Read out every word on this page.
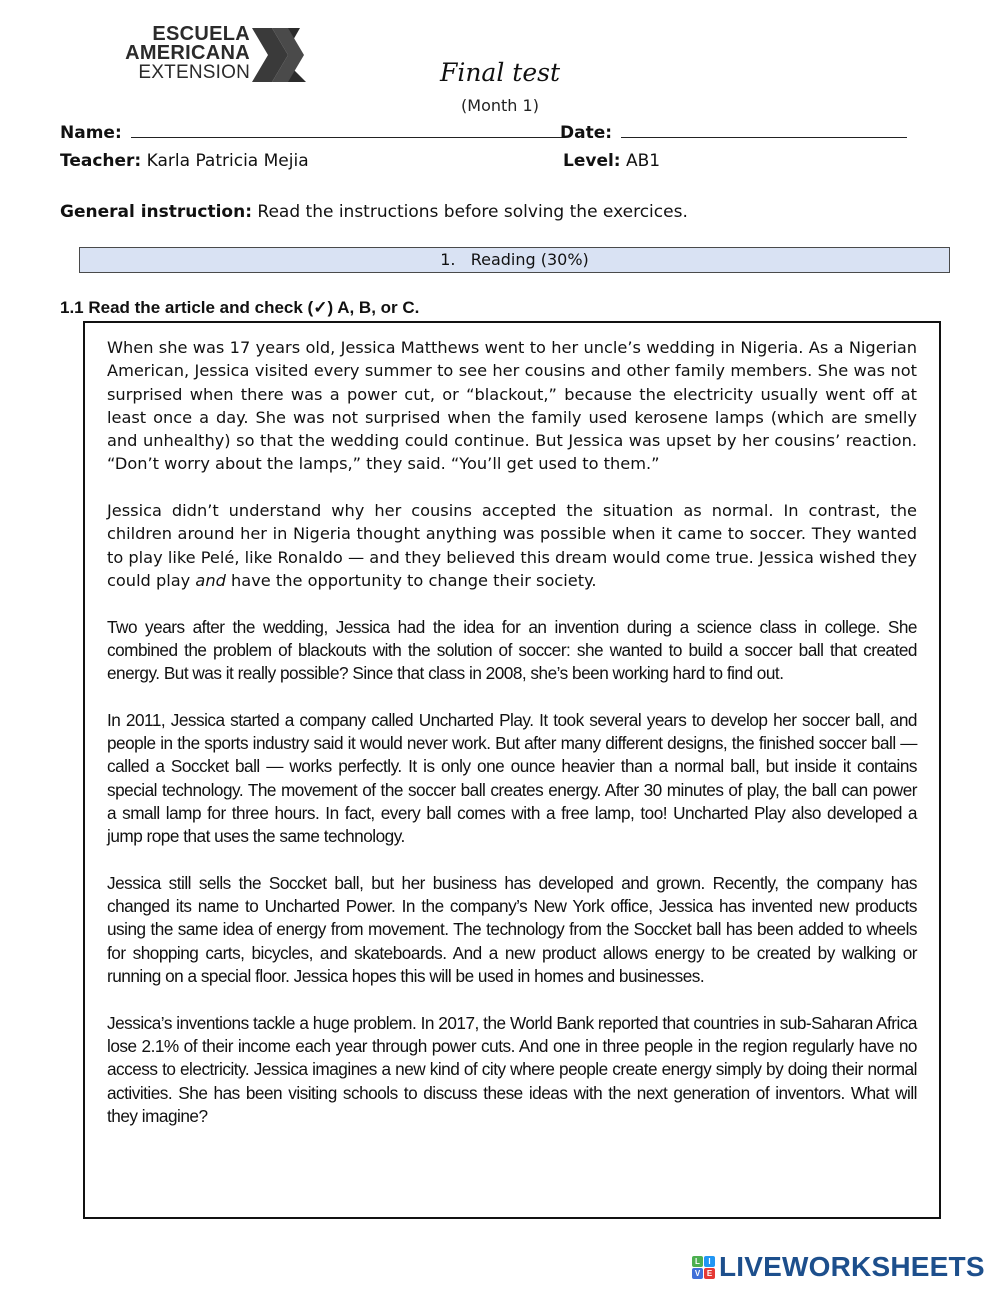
ESCUELA
AMERICANA
EXTENSION	Final test
(Month 1)
Name:	Date:
Teacher: Karla Patricia Mejia	Level: AB1
General instruction: Read the instructions before solving the exercices.
1. Reading (30%)
1.1 Read the article and check (✓) A, B, or C.

When she was 17 years old, Jessica Matthews went to her uncle’s wedding in Nigeria. As a Nigerian American, Jessica visited every summer to see her cousins and other family members. She was not surprised when there was a power cut, or “blackout,” because the electricity usually went off at least once a day. She was not surprised when the family used kerosene lamps (which are smelly and unhealthy) so that the wedding could continue. But Jessica was upset by her cousins’ reaction. “Don’t worry about the lamps,” they said. “You’ll get used to them.”

Jessica didn’t understand why her cousins accepted the situation as normal. In contrast, the children around her in Nigeria thought anything was possible when it came to soccer. They wanted to play like Pelé, like Ronaldo — and they believed this dream would come true. Jessica wished they could play and have the opportunity to change their society.

Two years after the wedding, Jessica had the idea for an invention during a science class in college. She combined the problem of blackouts with the solution of soccer: she wanted to build a soccer ball that created energy. But was it really possible? Since that class in 2008, she’s been working hard to find out.

In 2011, Jessica started a company called Uncharted Play. It took several years to develop her soccer ball, and people in the sports industry said it would never work. But after many different designs, the finished soccer ball — called a Soccket ball — works perfectly. It is only one ounce heavier than a normal ball, but inside it contains special technology. The movement of the soccer ball creates energy. After 30 minutes of play, the ball can power a small lamp for three hours. In fact, every ball comes with a free lamp, too! Uncharted Play also developed a jump rope that uses the same technology.

Jessica still sells the Soccket ball, but her business has developed and grown. Recently, the company has changed its name to Uncharted Power. In the company’s New York office, Jessica has invented new products using the same idea of energy from movement. The technology from the Soccket ball has been added to wheels for shopping carts, bicycles, and skateboards. And a new product allows energy to be created by walking or running on a special floor. Jessica hopes this will be used in homes and businesses.

Jessica’s inventions tackle a huge problem. In 2017, the World Bank reported that countries in sub-Saharan Africa lose 2.1% of their income each year through power cuts. And one in three people in the region regularly have no access to electricity. Jessica imagines a new kind of city where people create energy simply by doing their normal activities. She has been visiting schools to discuss these ideas with the next generation of inventors. What will they imagine?

L	I
V E LIVEWORKSHEETS
